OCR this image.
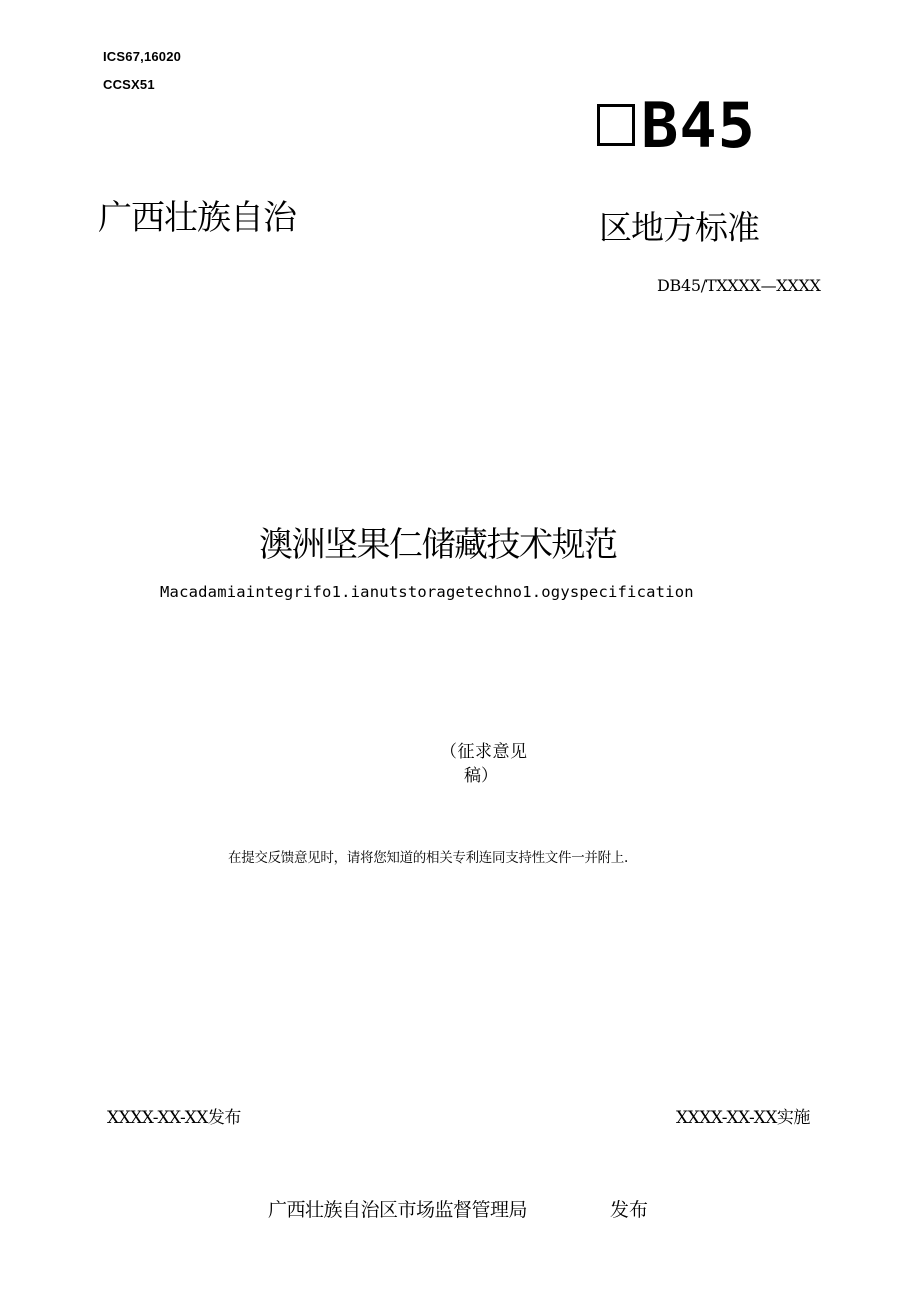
ICS67,16020
CCSX51
B45
广西壮族自治	区地方标准
DB45/TXXXX—XXXX
澳洲坚果仁储藏技术规范
Macadamiaintegrifo1.ianutstoragetechno1.ogyspecification
（征求意见
稿）
在提交反馈意见时，请将您知道的相关专利连同支持性文件一并附上.
XXXX-XX-XX发布	XXXX-XX-XX实施
广西壮族自治区市场监督管理局	发布
